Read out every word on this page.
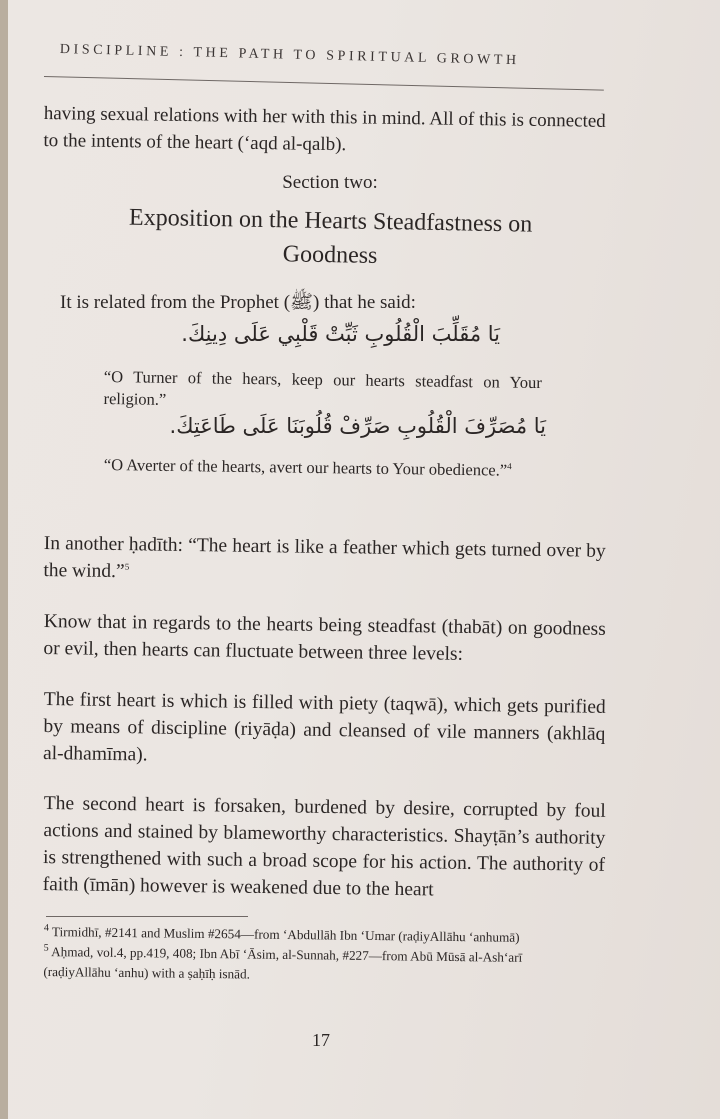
DISCIPLINE : THE PATH TO SPIRITUAL GROWTH

having sexual relations with her with this in mind. All of this is connected to the intents of the heart (‘aqd al-qalb).

Section two:
Exposition on the Hearts Steadfastness on Goodness
It is related from the Prophet (ﷺ) that he said:
يَا مُقَلِّبَ الْقُلُوبِ ثَبِّتْ قَلْبِي عَلَى دِينِكَ.
“O Turner of the hears, keep our hearts steadfast on Your religion.”
يَا مُصَرِّفَ الْقُلُوبِ صَرِّفْ قُلُوبَنَا عَلَى طَاعَتِكَ.
“O Averter of the hearts, avert our hearts to Your obedience.”$^4$

In another ḥadīth: “The heart is like a feather which gets turned over by the wind.”$^5$

Know that in regards to the hearts being steadfast (thabāt) on goodness or evil, then hearts can fluctuate between three levels:

The first heart is which is filled with piety (taqwā), which gets purified by means of discipline (riyāḍa) and cleansed of vile manners (akhlāq al-dhamīma).

The second heart is forsaken, burdened by desire, corrupted by foul actions and stained by blameworthy characteristics. Shayṭān’s authority is strengthened with such a broad scope for his action. The authority of faith (īmān) however is weakened due to the heart

$^4$ Tirmidhī, #2141 and Muslim #2654—from ‘Abdullāh Ibn ‘Umar (raḍiyAllāhu ‘anhumā)
$^5$ Aḥmad, vol.4, pp.419, 408; Ibn Abī ‘Āsim, al-Sunnah, #227—from Abū Mūsā al-Ash‘arī
(raḍiyAllāhu ‘anhu) with a ṣaḥīḥ isnād.
17
